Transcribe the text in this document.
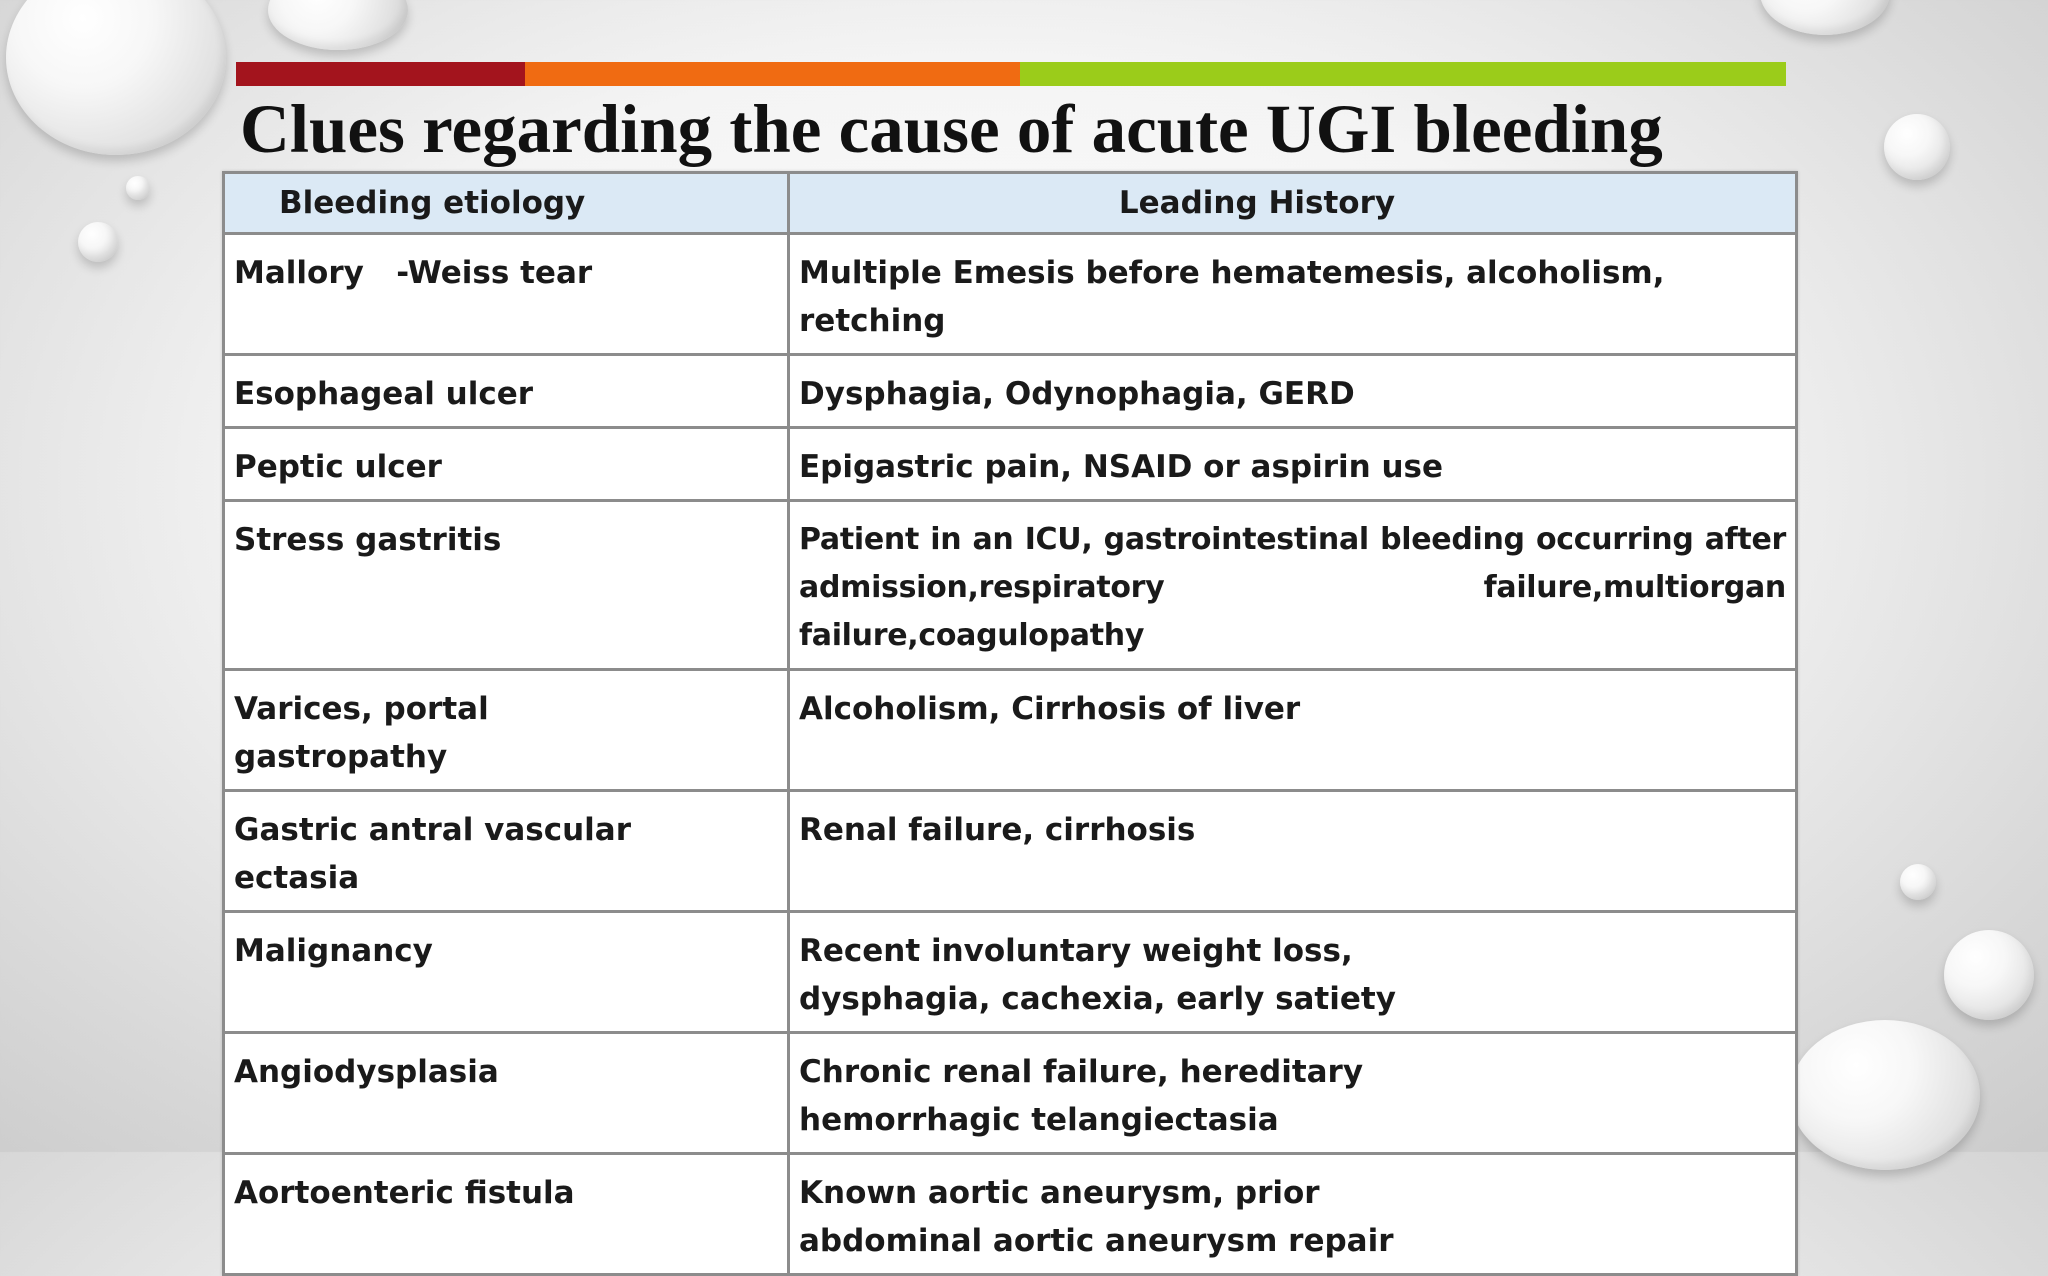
Clues regarding the cause of acute UGI bleeding
Bleeding etiology	Leading History
Mallory   -Weiss tear	Multiple Emesis before hematemesis, alcoholism, retching
Esophageal ulcer	Dysphagia, Odynophagia, GERD
Peptic ulcer	Epigastric pain, NSAID or aspirin use
Stress gastritis	Patient in an ICU, gastrointestinal bleeding occurring after admission,respiratory failure,multiorgan failure,coagulopathy
Varices, portal gastropathy	Alcoholism, Cirrhosis of liver
Gastric antral vascular ectasia	Renal failure, cirrhosis
Malignancy	Recent involuntary weight loss, dysphagia, cachexia, early satiety
Angiodysplasia	Chronic renal failure, hereditary hemorrhagic telangiectasia
Aortoenteric fistula	Known aortic aneurysm, prior abdominal aortic aneurysm repair
